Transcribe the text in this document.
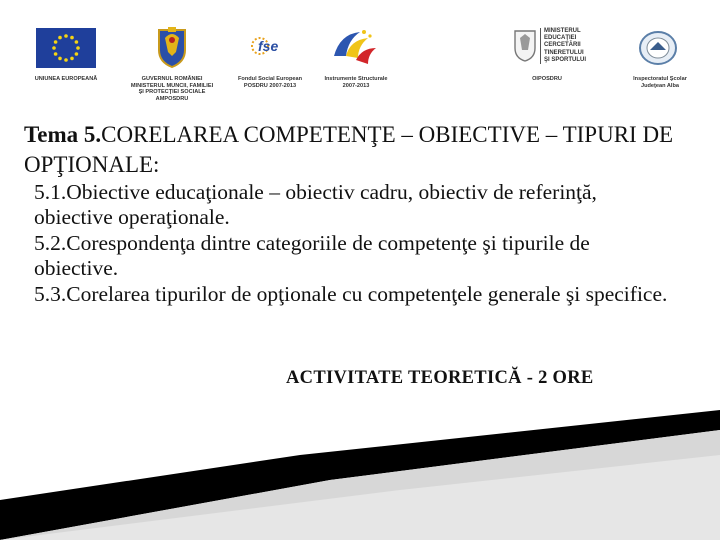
UNIUNEA EUROPEANĂ	GUVERNUL ROMÂNIEI
MINISTERUL MUNCII, FAMILIEI
ŞI PROTECŢIEI SOCIALE
AMPOSDRU
fse
Fondul Social European
POSDRU 2007-2013
Instrumente Structurale
2007-2013
MINISTERUL
EDUCAŢIEI
CERCETĂRII
TINERETULUI
ŞI SPORTULUI
OIPOSDRU	Inspectoratul Şcolar
Judeţean Alba
Tema 5.CORELAREA COMPETENŢE – OBIECTIVE – TIPURI DE OPŢIONALE:
5.1.Obiective educaţionale – obiectiv cadru, obiectiv de referinţă, obiective operaţionale.
5.2.Corespondenţa dintre categoriile de competenţe şi tipurile de obiective.
5.3.Corelarea tipurilor de opţionale cu competenţele generale şi specifice.
ACTIVITATE TEORETICĂ - 2 ORE
